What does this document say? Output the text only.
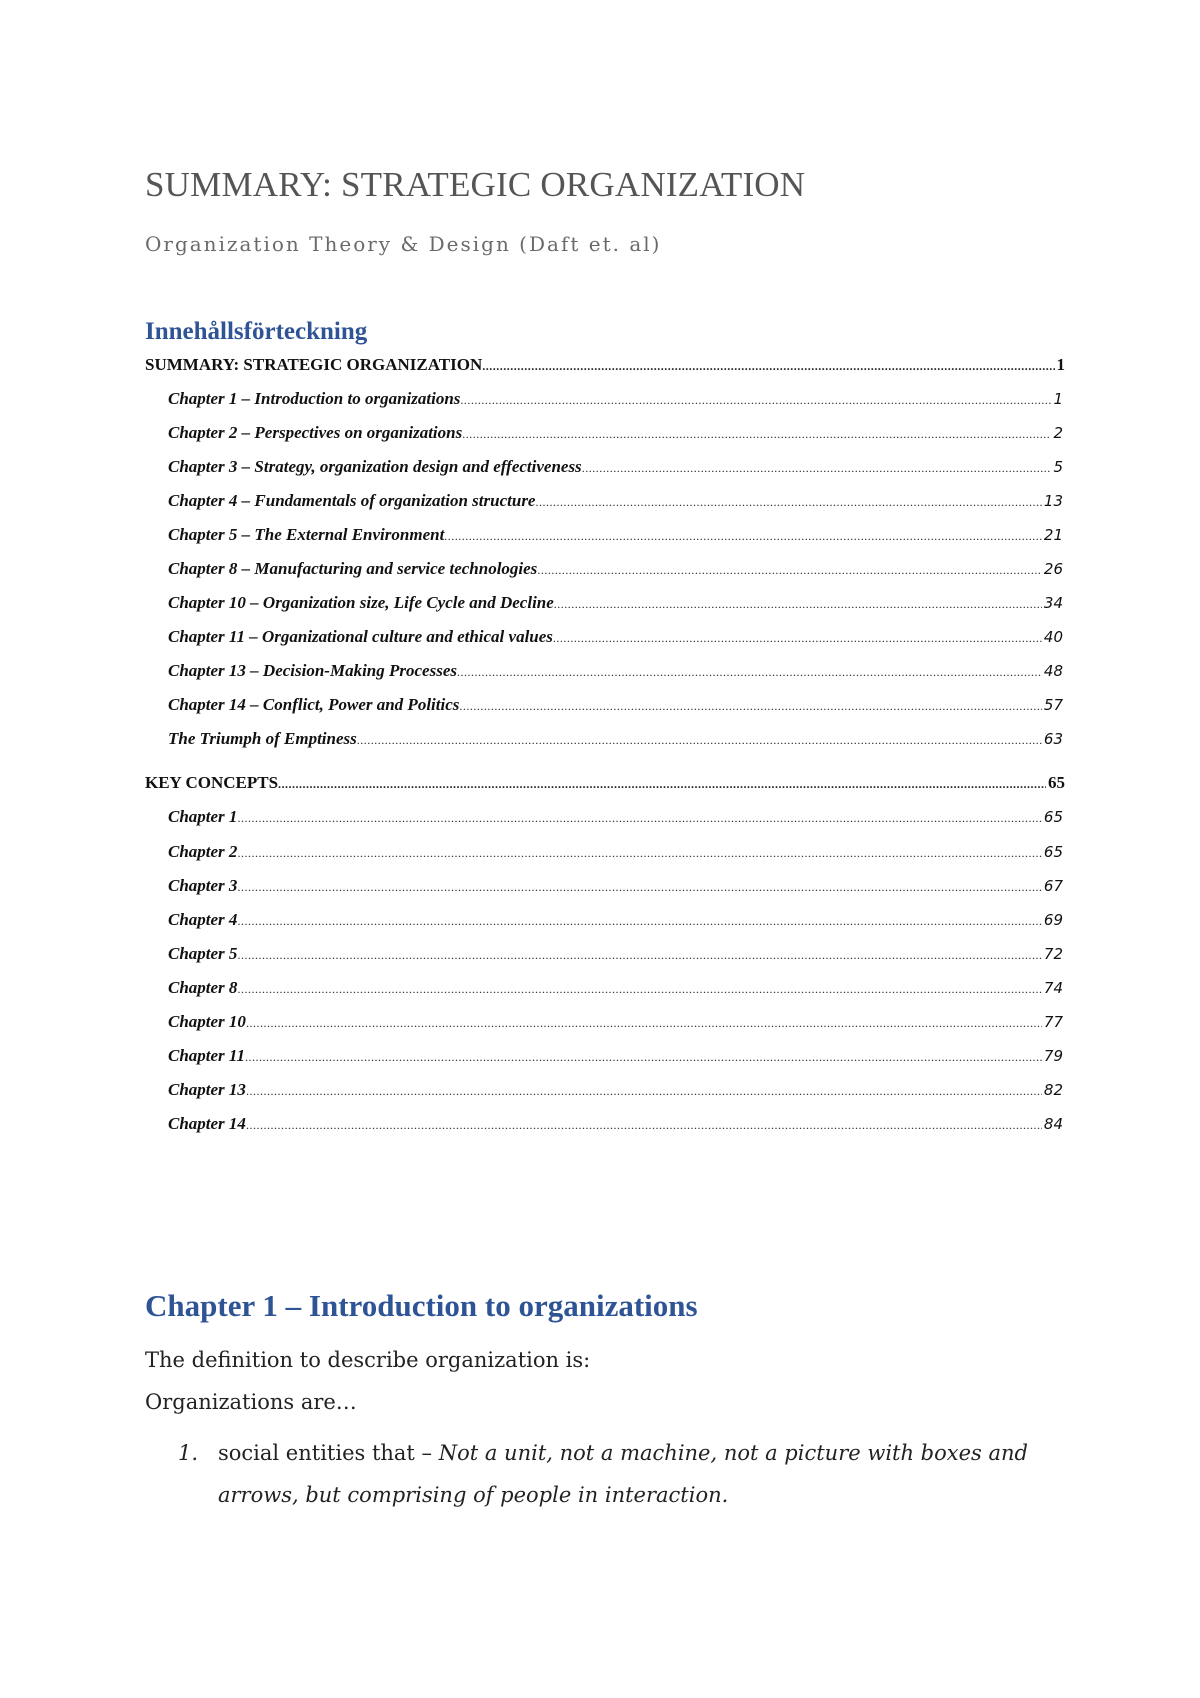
SUMMARY: STRATEGIC ORGANIZATION
Organization Theory & Design (Daft et. al)
Innehållsförteckning
SUMMARY: STRATEGIC ORGANIZATION .....	1
Chapter 1 – Introduction to organizations .....	1
Chapter 2 – Perspectives on organizations .....	2
Chapter 3 – Strategy, organization design and effectiveness .....	5
Chapter 4 – Fundamentals of organization structure .....	13
Chapter 5 – The External Environment .....	21
Chapter 8 – Manufacturing and service technologies .....	26
Chapter 10 – Organization size, Life Cycle and Decline .....	34
Chapter 11 – Organizational culture and ethical values .....	40
Chapter 13 – Decision-Making Processes .....	48
Chapter 14 – Conflict, Power and Politics .....	57
The Triumph of Emptiness .....	63
KEY CONCEPTS .....	65
Chapter 1 .....	65
Chapter 2 .....	65
Chapter 3 .....	67
Chapter 4 .....	69
Chapter 5 .....	72
Chapter 8 .....	74
Chapter 10 .....	77
Chapter 11 .....	79
Chapter 13 .....	82
Chapter 14 .....	84
Chapter 1 – Introduction to organizations

The definition to describe organization is:

Organizations are…

1. social entities that – Not a unit, not a machine, not a picture with boxes and arrows, but comprising of people in interaction.
